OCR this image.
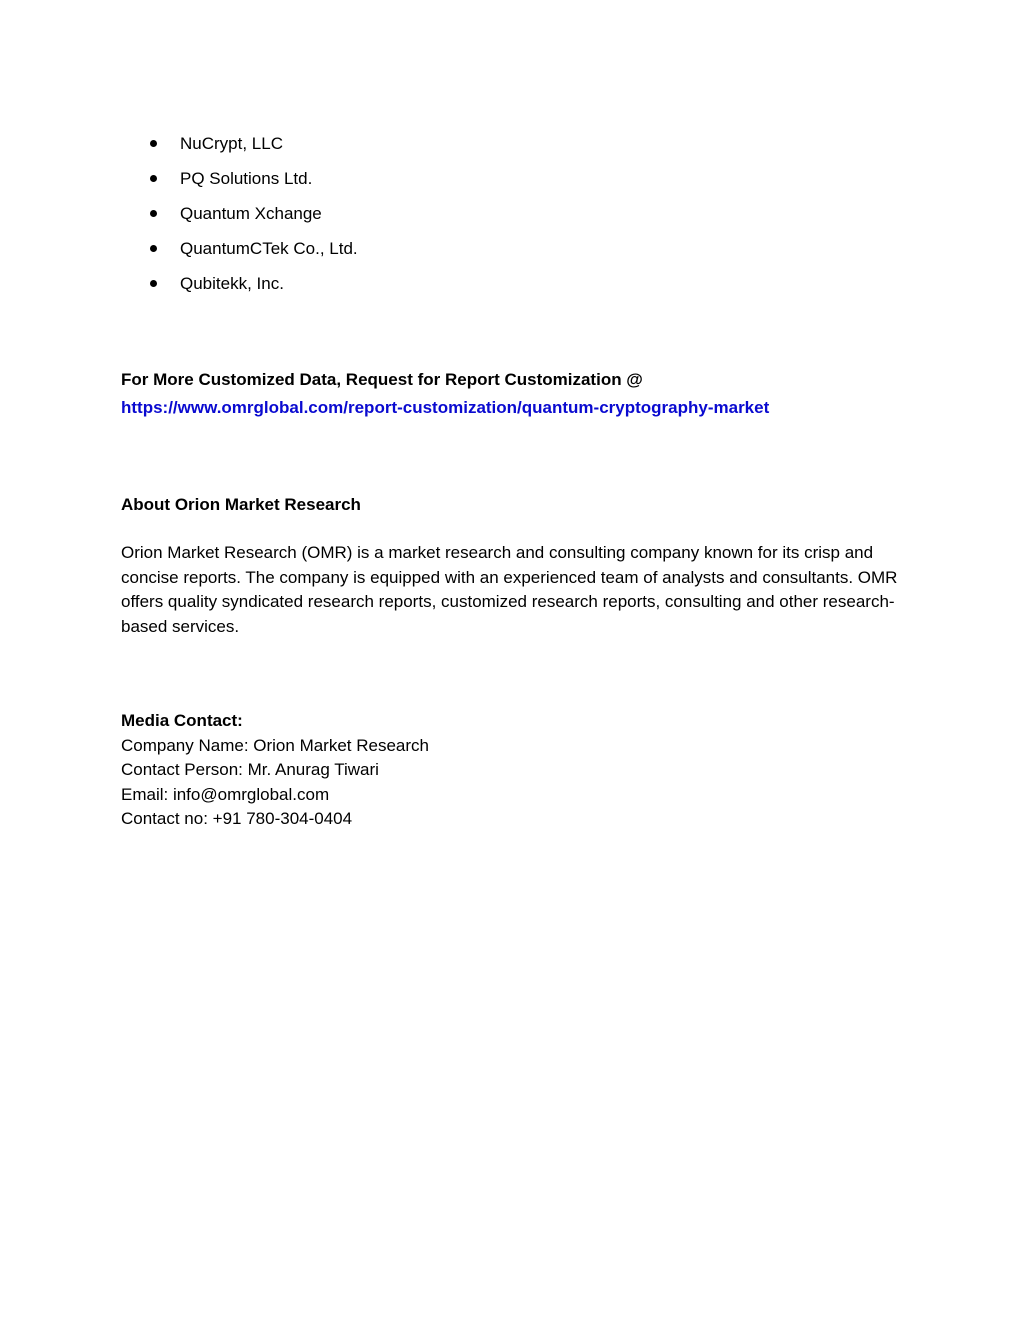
NuCrypt, LLC
PQ Solutions Ltd.
Quantum Xchange
QuantumCTek Co., Ltd.
Qubitekk, Inc.
For More Customized Data, Request for Report Customization @
https://www.omrglobal.com/report-customization/quantum-cryptography-market
About Orion Market Research
Orion Market Research (OMR) is a market research and consulting company known for its crisp and concise reports. The company is equipped with an experienced team of analysts and consultants. OMR offers quality syndicated research reports, customized research reports, consulting and other research-based services.
Media Contact:
Company Name: Orion Market Research
Contact Person: Mr. Anurag Tiwari
Email: info@omrglobal.com
Contact no: +91 780-304-0404
